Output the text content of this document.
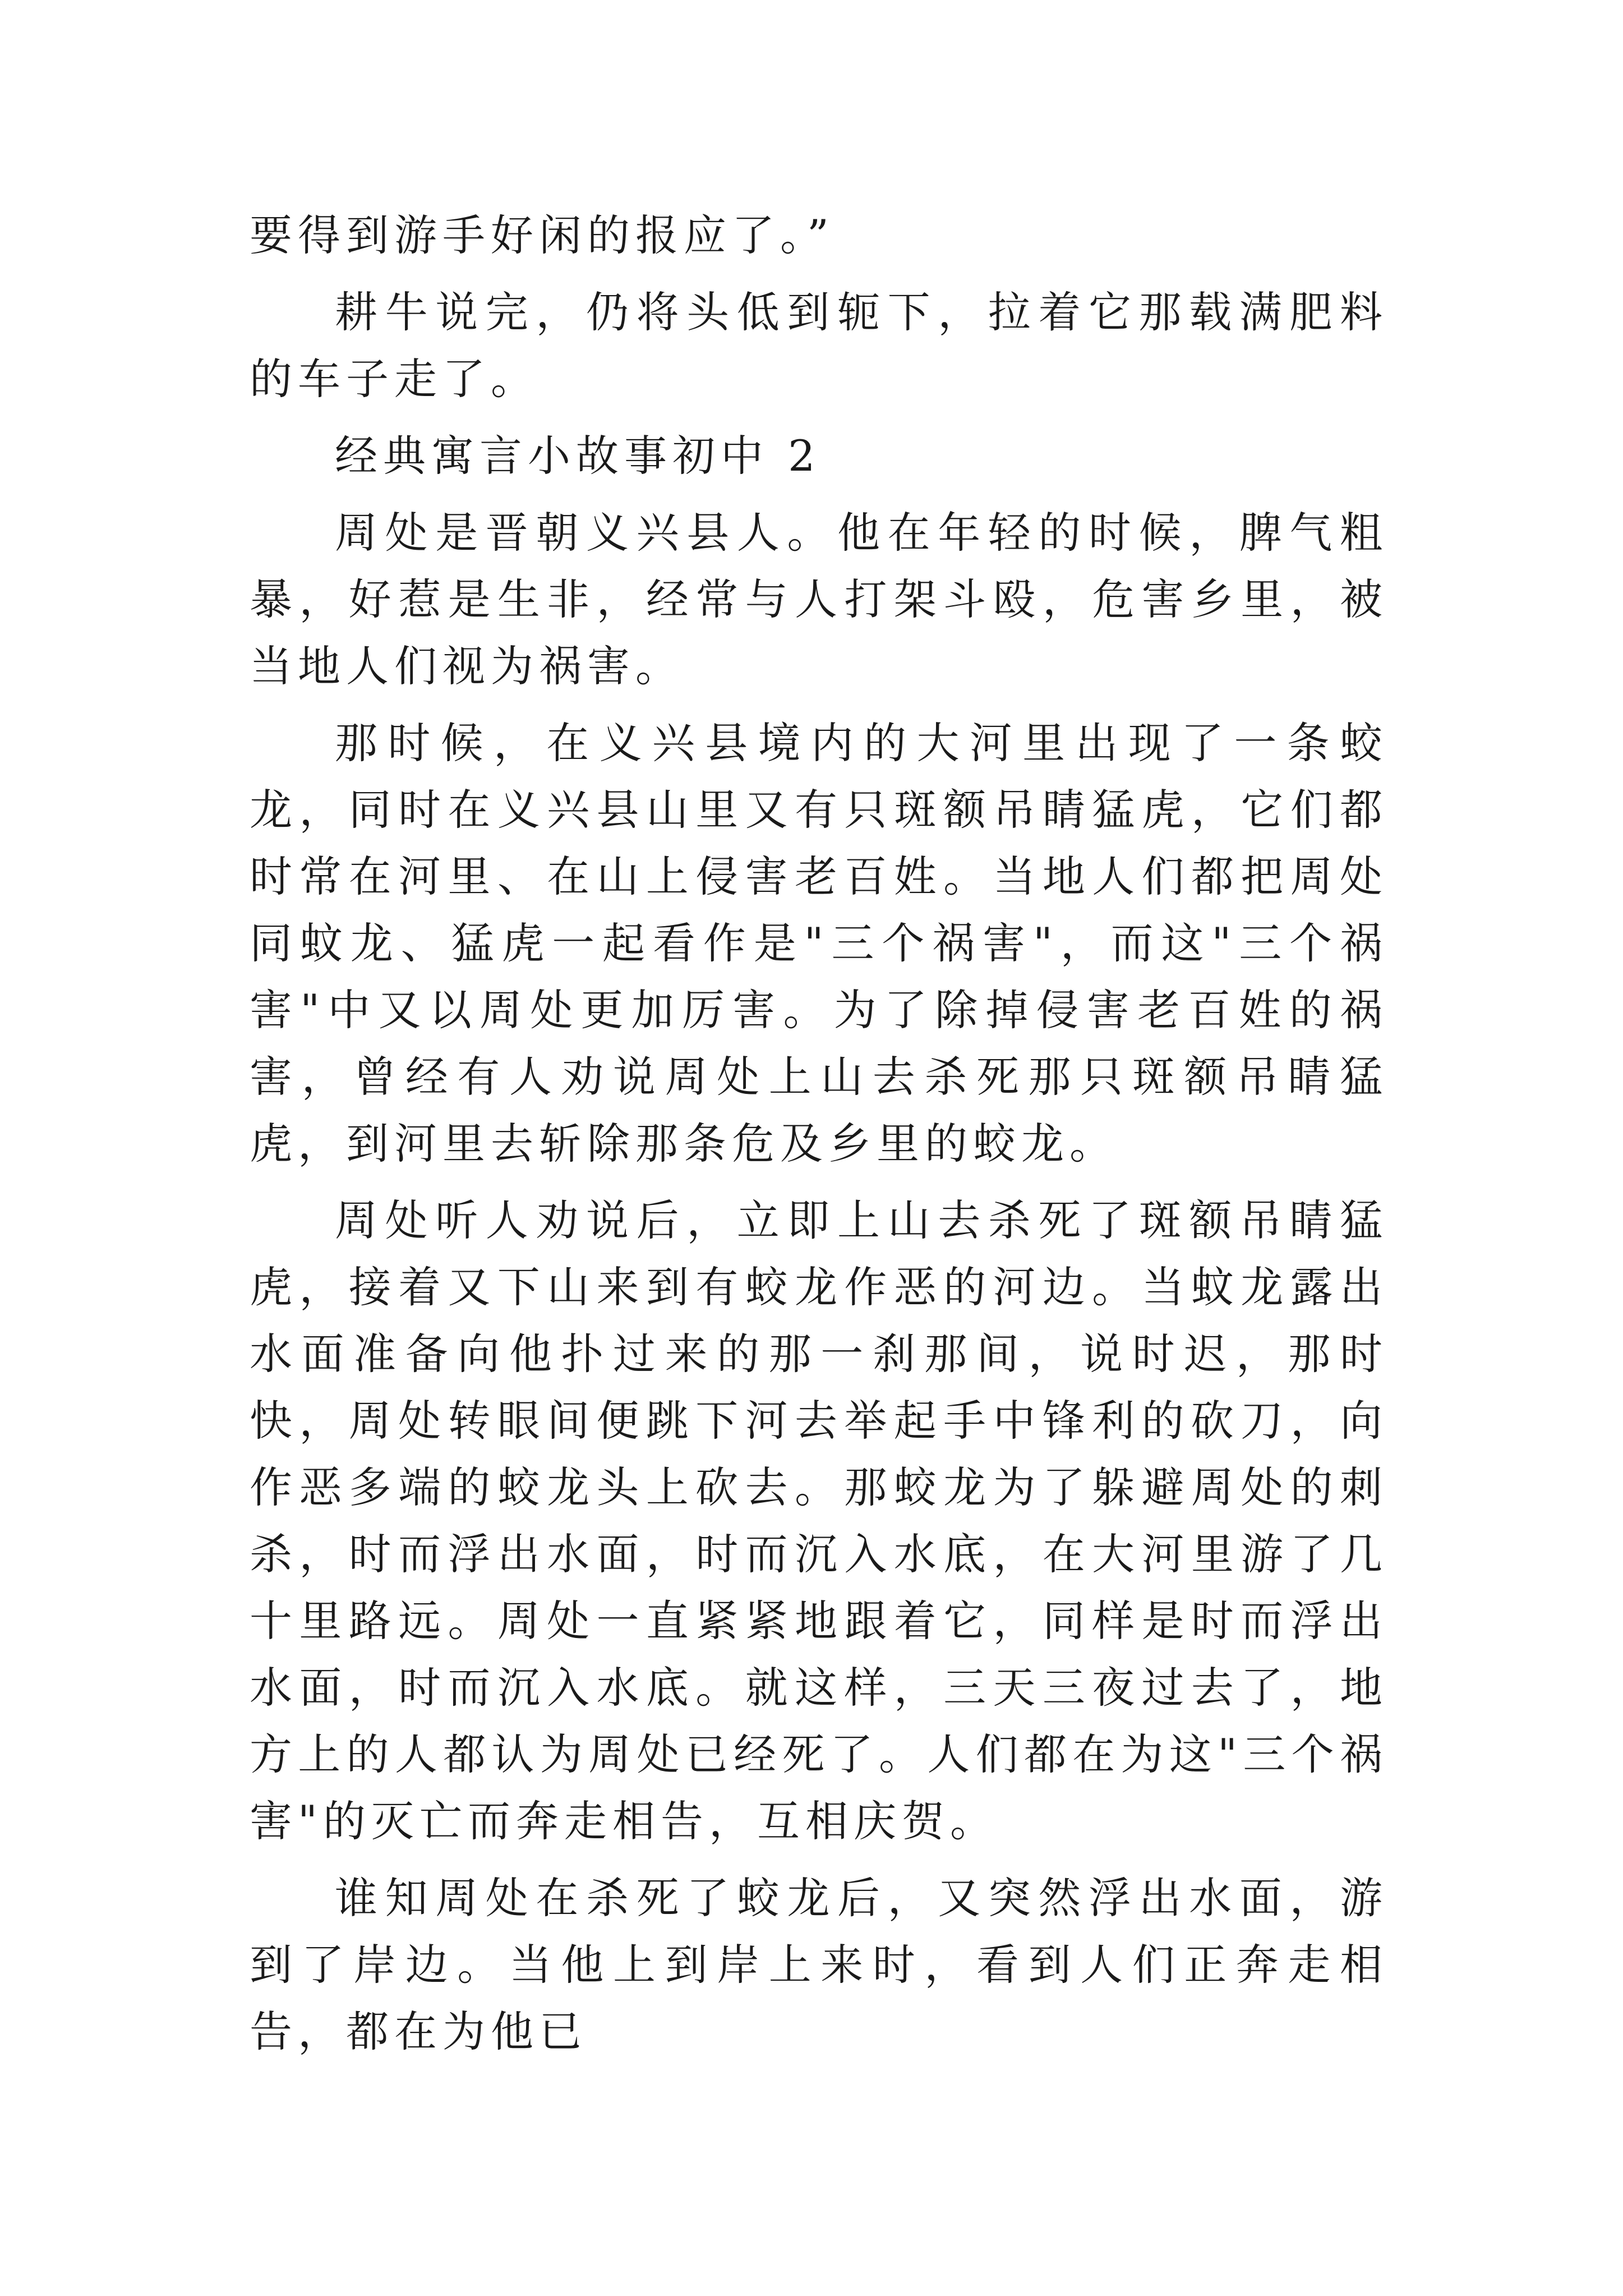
要得到游手好闲的报应了。”

耕牛说完，仍将头低到轭下，拉着它那载满肥料的车子走了。

经典寓言小故事初中 2

周处是晋朝义兴县人。他在年轻的时候，脾气粗暴，好惹是生非，经常与人打架斗殴，危害乡里，被当地人们视为祸害。

那时候，在义兴县境内的大河里出现了一条蛟龙，同时在义兴县山里又有只斑额吊睛猛虎，它们都时常在河里、在山上侵害老百姓。当地人们都把周处同蚊龙、猛虎一起看作是"三个祸害"，而这"三个祸害"中又以周处更加厉害。为了除掉侵害老百姓的祸害，曾经有人劝说周处上山去杀死那只斑额吊睛猛虎，到河里去斩除那条危及乡里的蛟龙。

周处听人劝说后，立即上山去杀死了斑额吊睛猛虎，接着又下山来到有蛟龙作恶的河边。当蚊龙露出水面准备向他扑过来的那一刹那间，说时迟，那时快，周处转眼间便跳下河去举起手中锋利的砍刀，向作恶多端的蛟龙头上砍去。那蛟龙为了躲避周处的刺杀，时而浮出水面，时而沉入水底，在大河里游了几十里路远。周处一直紧紧地跟着它，同样是时而浮出水面，时而沉入水底。就这样，三天三夜过去了，地方上的人都认为周处已经死了。人们都在为这"三个祸害"的灭亡而奔走相告，互相庆贺。

谁知周处在杀死了蛟龙后，又突然浮出水面，游到了岸边。当他上到岸上来时，看到人们正奔走相告，都在为他已
